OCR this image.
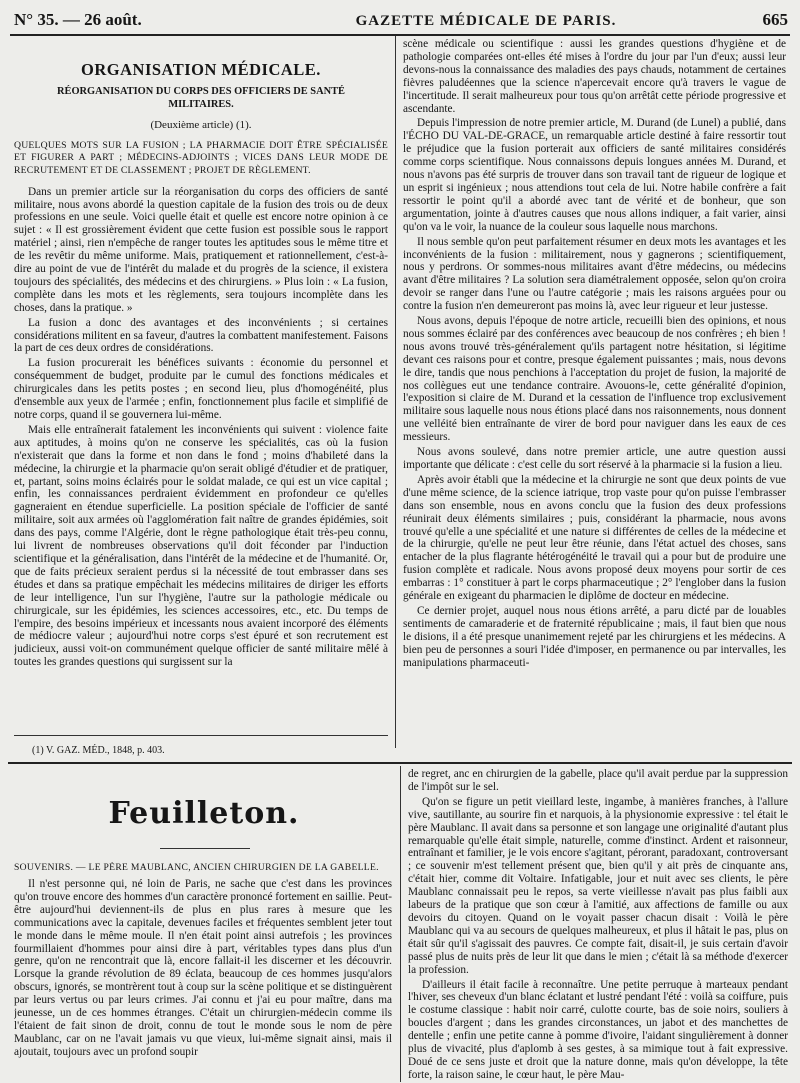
N° 35. — 26 août.	GAZETTE MÉDICALE DE PARIS.	665
ORGANISATION MÉDICALE.
RÉORGANISATION DU CORPS DES OFFICIERS DE SANTÉ MILITAIRES.
(Deuxième article) (1).
QUELQUES MOTS SUR LA FUSION ; LA PHARMACIE DOIT ÊTRE SPÉCIALISÉE ET FIGURER A PART ; MÉDECINS-ADJOINTS ; VICES DANS LEUR MODE DE RECRUTEMENT ET DE CLASSEMENT ; PROJET DE RÈGLEMENT.

Dans un premier article sur la réorganisation du corps des officiers de santé militaire, nous avons abordé la question capitale de la fusion des trois ou de deux professions en une seule. Voici quelle était et quelle est encore notre opinion à ce sujet : « Il est grossièrement évident que cette fusion est possible sous le rapport matériel ; ainsi, rien n'empêche de ranger toutes les aptitudes sous le même titre et de les revêtir du même uniforme. Mais, pratiquement et rationnellement, c'est-à-dire au point de vue de l'intérêt du malade et du progrès de la science, il existera toujours des spécialités, des médecins et des chirurgiens. » Plus loin : « La fusion, complète dans les mots et les règlements, sera toujours incomplète dans les choses, dans la pratique. »

La fusion a donc des avantages et des inconvénients ; si certaines considérations militent en sa faveur, d'autres la combattent manifestement. Faisons la part de ces deux ordres de considérations.

La fusion procurerait les bénéfices suivants : économie du personnel et conséquemment de budget, produite par le cumul des fonctions médicales et chirurgicales dans les petits postes ; en second lieu, plus d'homogénéité, plus d'ensemble aux yeux de l'armée ; enfin, fonctionnement plus facile et simplifié de notre corps, quand il se gouvernera lui-même.

Mais elle entraînerait fatalement les inconvénients qui suivent : violence faite aux aptitudes, à moins qu'on ne conserve les spécialités, cas où la fusion n'existerait que dans la forme et non dans le fond ; moins d'habileté dans la médecine, la chirurgie et la pharmacie qu'on serait obligé d'étudier et de pratiquer, et, partant, soins moins éclairés pour le soldat malade, ce qui est un vice capital ; enfin, les connaissances perdraient évidemment en profondeur ce qu'elles gagneraient en étendue superficielle. La position spéciale de l'officier de santé militaire, soit aux armées où l'agglomération fait naître de grandes épidémies, soit dans des pays, comme l'Algérie, dont le règne pathologique était très-peu connu, lui livrent de nombreuses observations qu'il doit féconder par l'induction scientifique et la généralisation, dans l'intérêt de la médecine et de l'humanité. Or, que de faits précieux seraient perdus si la nécessité de tout embrasser dans ses études et dans sa pratique empêchait les médecins militaires de diriger les efforts de leur intelligence, l'un sur l'hygiène, l'autre sur la pathologie médicale ou chirurgicale, sur les épidémies, les sciences accessoires, etc., etc. Du temps de l'empire, des besoins impérieux et incessants nous avaient incorporé des éléments de médiocre valeur ; aujourd'hui notre corps s'est épuré et son recrutement est judicieux, aussi voit-on communément quelque officier de santé militaire mêlé à toutes les grandes questions qui surgissent sur la

scène médicale ou scientifique : aussi les grandes questions d'hygiène et de pathologie comparées ont-elles été mises à l'ordre du jour par l'un d'eux; aussi leur devons-nous la connaissance des maladies des pays chauds, notamment de certaines fièvres paludéennes que la science n'apercevait encore qu'à travers le vague de l'incertitude. Il serait malheureux pour tous qu'on arrêtât cette période progressive et ascendante.

Depuis l'impression de notre premier article, M. Durand (de Lunel) a publié, dans l'ÉCHO DU VAL-DE-GRACE, un remarquable article destiné à faire ressortir tout le préjudice que la fusion porterait aux officiers de santé militaires considérés comme corps scientifique. Nous connaissons depuis longues années M. Durand, et nous n'avons pas été surpris de trouver dans son travail tant de rigueur de logique et un esprit si ingénieux ; nous attendions tout cela de lui. Notre habile confrère a fait ressortir le point qu'il a abordé avec tant de vérité et de bonheur, que son argumentation, jointe à d'autres causes que nous allons indiquer, a fait varier, ainsi qu'on va le voir, la nuance de la couleur sous laquelle nous marchons.

Il nous semble qu'on peut parfaitement résumer en deux mots les avantages et les inconvénients de la fusion : militairement, nous y gagnerons ; scientifiquement, nous y perdrons. Or sommes-nous militaires avant d'être médecins, ou médecins avant d'être militaires ? La solution sera diamétralement opposée, selon qu'on croira devoir se ranger dans l'une ou l'autre catégorie ; mais les raisons arguées pour ou contre la fusion n'en demeureront pas moins là, avec leur rigueur et leur justesse.

Nous avons, depuis l'époque de notre article, recueilli bien des opinions, et nous nous sommes éclairé par des conférences avec beaucoup de nos confrères ; eh bien ! nous avons trouvé très-généralement qu'ils partagent notre hésitation, si légitime devant ces raisons pour et contre, presque également puissantes ; mais, nous devons le dire, tandis que nous penchions à l'acceptation du projet de fusion, la majorité de nos collègues eut une tendance contraire. Avouons-le, cette généralité d'opinion, l'exposition si claire de M. Durand et la cessation de l'influence trop exclusivement militaire sous laquelle nous nous étions placé dans nos raisonnements, nous donnent une velléité bien entraînante de virer de bord pour naviguer dans les eaux de ces messieurs.

Nous avons soulevé, dans notre premier article, une autre question aussi importante que délicate : c'est celle du sort réservé à la pharmacie si la fusion a lieu.

Après avoir établi que la médecine et la chirurgie ne sont que deux points de vue d'une même science, de la science iatrique, trop vaste pour qu'on puisse l'embrasser dans son ensemble, nous en avons conclu que la fusion des deux professions réunirait deux éléments similaires ; puis, considérant la pharmacie, nous avons trouvé qu'elle a une spécialité et une nature si différentes de celles de la médecine et de la chirurgie, qu'elle ne peut leur être réunie, dans l'état actuel des choses, sans entacher de la plus flagrante hétérogénéité le travail qui a pour but de produire une fusion complète et radicale. Nous avons proposé deux moyens pour sortir de ces embarras : 1° constituer à part le corps pharmaceutique ; 2° l'englober dans la fusion générale en exigeant du pharmacien le diplôme de docteur en médecine.

Ce dernier projet, auquel nous nous étions arrêté, a paru dicté par de louables sentiments de camaraderie et de fraternité républicaine ; mais, il faut bien que nous le disions, il a été presque unanimement rejeté par les chirurgiens et les médecins. A bien peu de personnes a souri l'idée d'imposer, en permanence ou par intervalles, les manipulations pharmaceuti-

(1) V. GAZ. MÉD., 1848, p. 403.
Feuilleton.
SOUVENIRS. — LE PÈRE MAUBLANC, ANCIEN CHIRURGIEN DE LA GABELLE.

Il n'est personne qui, né loin de Paris, ne sache que c'est dans les provinces qu'on trouve encore des hommes d'un caractère prononcé fortement en saillie. Peut-être aujourd'hui deviennent-ils de plus en plus rares à mesure que les communications avec la capitale, devenues faciles et fréquentes semblent jeter tout le monde dans le même moule. Il n'en était point ainsi autrefois ; les provinces fourmillaient d'hommes pour ainsi dire à part, véritables types dans plus d'un genre, qu'on ne rencontrait que là, encore fallait-il les discerner et les découvrir. Lorsque la grande révolution de 89 éclata, beaucoup de ces hommes jusqu'alors obscurs, ignorés, se montrèrent tout à coup sur la scène politique et se distinguèrent par leurs vertus ou par leurs crimes. J'ai connu et j'ai eu pour maître, dans ma jeunesse, un de ces hommes étranges. C'était un chirurgien-médecin comme ils l'étaient de fait sinon de droit, connu de tout le monde sous le nom de père Maublanc, car on ne l'avait jamais vu que vieux, lui-même signait ainsi, mais il ajoutait, toujours avec un profond soupir

de regret, anc en chirurgien de la gabelle, place qu'il avait perdue par la suppression de l'impôt sur le sel.

Qu'on se figure un petit vieillard leste, ingambe, à manières franches, à l'allure vive, sautillante, au sourire fin et narquois, à la physionomie expressive : tel était le père Maublanc. Il avait dans sa personne et son langage une originalité d'autant plus remarquable qu'elle était simple, naturelle, comme d'instinct. Ardent et raisonneur, entraînant et familier, je le vois encore s'agitant, pérorant, paradoxant, controversant ; ce souvenir m'est tellement présent que, bien qu'il y ait près de cinquante ans, c'était hier, comme dit Voltaire. Infatigable, jour et nuit avec ses clients, le père Maublanc connaissait peu le repos, sa verte vieillesse n'avait pas plus faibli aux labeurs de la pratique que son cœur à l'amitié, aux affections de famille ou aux devoirs du citoyen. Quand on le voyait passer chacun disait : Voilà le père Maublanc qui va au secours de quelques malheureux, et plus il hâtait le pas, plus on était sûr qu'il s'agissait des pauvres. Ce compte fait, disait-il, je suis certain d'avoir passé plus de nuits près de leur lit que dans le mien ; c'était là sa méthode d'exercer la profession.

D'ailleurs il était facile à reconnaître. Une petite perruque à marteaux pendant l'hiver, ses cheveux d'un blanc éclatant et lustré pendant l'été : voilà sa coiffure, puis le costume classique : habit noir carré, culotte courte, bas de soie noirs, souliers à boucles d'argent ; dans les grandes circonstances, un jabot et des manchettes de dentelle ; enfin une petite canne à pomme d'ivoire, l'aidant singulièrement à donner plus de vivacité, plus d'aplomb à ses gestes, à sa mimique tout à fait expressive. Doué de ce sens juste et droit que la nature donne, mais qu'on développe, la tête forte, la raison saine, le cœur haut, le père Mau-
